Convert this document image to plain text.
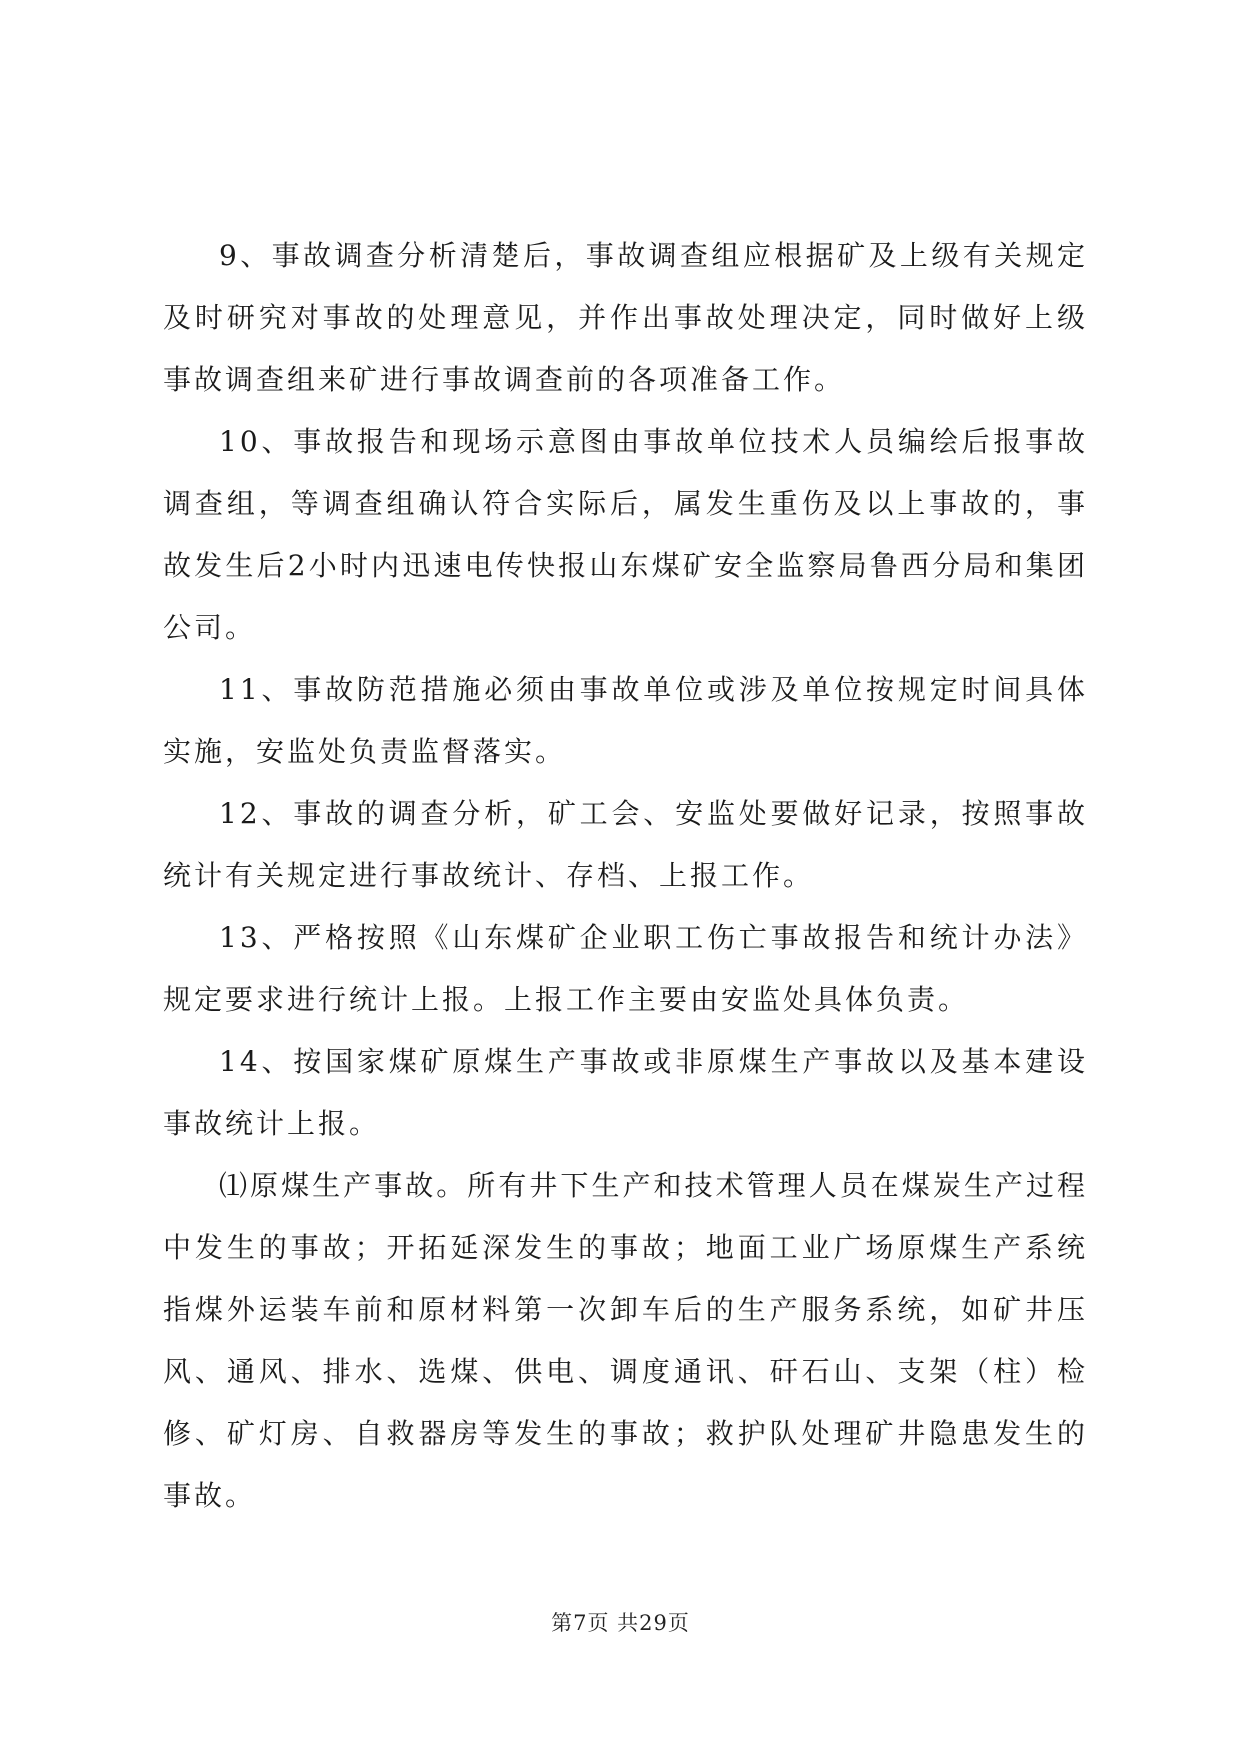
9、事故调查分析清楚后，事故调查组应根据矿及上级有关规定及时研究对事故的处理意见，并作出事故处理决定，同时做好上级事故调查组来矿进行事故调查前的各项准备工作。

10、事故报告和现场示意图由事故单位技术人员编绘后报事故调查组，等调查组确认符合实际后，属发生重伤及以上事故的，事故发生后2小时内迅速电传快报山东煤矿安全监察局鲁西分局和集团公司。

11、事故防范措施必须由事故单位或涉及单位按规定时间具体实施，安监处负责监督落实。

12、事故的调查分析，矿工会、安监处要做好记录，按照事故统计有关规定进行事故统计、存档、上报工作。

13、严格按照《山东煤矿企业职工伤亡事故报告和统计办法》规定要求进行统计上报。上报工作主要由安监处具体负责。

14、按国家煤矿原煤生产事故或非原煤生产事故以及基本建设事故统计上报。

⑴原煤生产事故。所有井下生产和技术管理人员在煤炭生产过程中发生的事故；开拓延深发生的事故；地面工业广场原煤生产系统指煤外运装车前和原材料第一次卸车后的生产服务系统，如矿井压风、通风、排水、选煤、供电、调度通讯、矸石山、支架（柱）检修、矿灯房、自救器房等发生的事故；救护队处理矿井隐患发生的事故。

第7页 共29页
